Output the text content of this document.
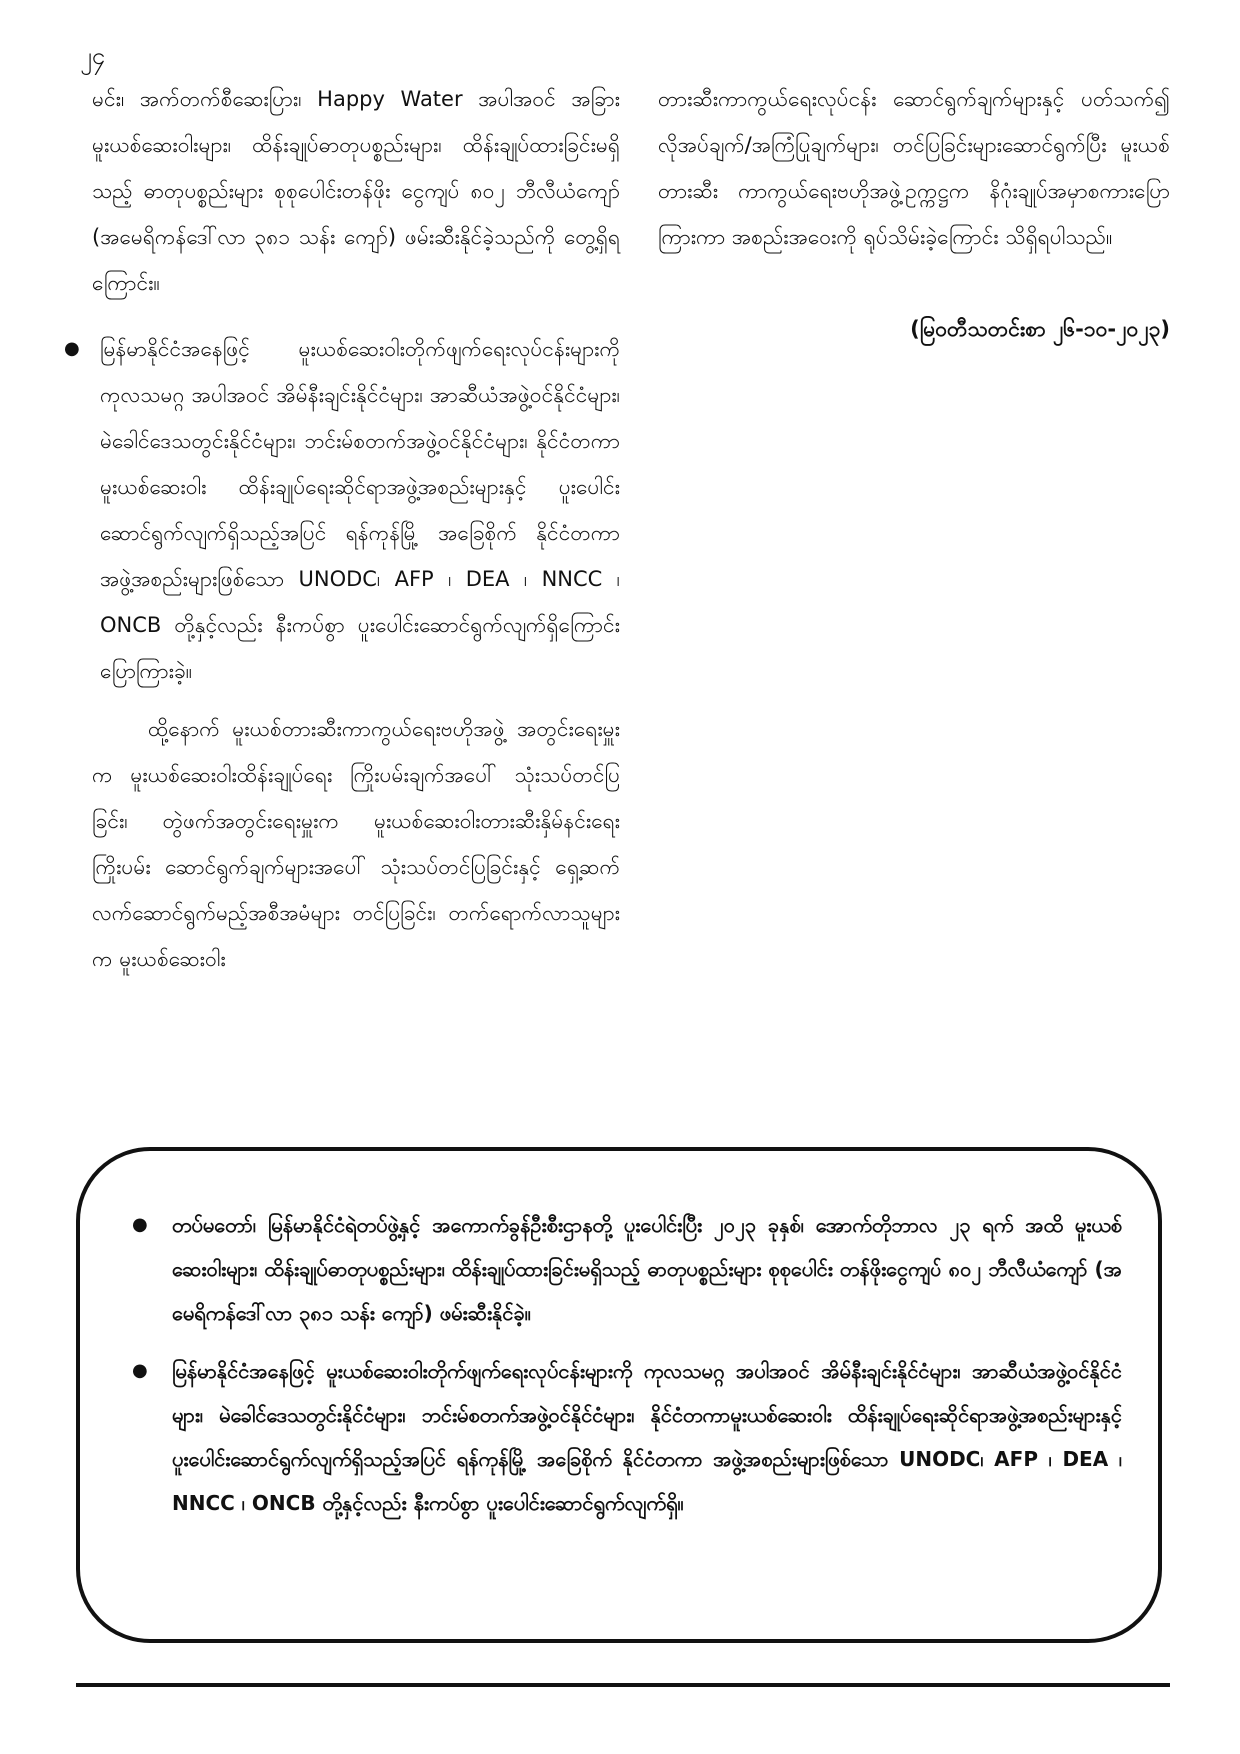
၂၄

မင်း၊ အက်တက်စီဆေးပြား၊ Happy Water အပါအဝင် အခြားမူးယစ်ဆေးဝါးများ၊ ထိန်းချုပ်ဓာတုပစ္စည်းများ၊ ထိန်းချုပ်ထားခြင်းမရှိသည့် ဓာတုပစ္စည်းများ စုစုပေါင်းတန်ဖိုး ငွေကျပ် ၈၀၂ ဘီလီယံကျော် (အမေရိကန်ဒေါ်လာ ၃၈၁ သန်း ကျော်) ဖမ်းဆီးနိုင်ခဲ့သည်ကို တွေ့ရှိရကြောင်း။

● မြန်မာနိုင်ငံအနေဖြင့် မူးယစ်ဆေးဝါးတိုက်ဖျက်ရေးလုပ်ငန်းများကို ကုလသမဂ္ဂ အပါအဝင် အိမ်နီးချင်းနိုင်ငံများ၊ အာဆီယံအဖွဲ့ဝင်နိုင်ငံများ၊ မဲခေါင်ဒေသတွင်းနိုင်ငံများ၊ ဘင်းမ်စတက်အဖွဲ့ဝင်နိုင်ငံများ၊ နိုင်ငံတကာမူးယစ်ဆေးဝါး ထိန်းချုပ်ရေးဆိုင်ရာအဖွဲ့အစည်းများနှင့် ပူးပေါင်းဆောင်ရွက်လျက်ရှိသည့်အပြင် ရန်ကုန်မြို့ အခြေစိုက် နိုင်ငံတကာ အဖွဲ့အစည်းများဖြစ်သော UNODC၊ AFP ၊ DEA ၊ NNCC ၊ ONCB တို့နှင့်လည်း နီးကပ်စွာ ပူးပေါင်းဆောင်ရွက်လျက်ရှိကြောင်း ပြောကြားခဲ့။

ထို့နောက် မူးယစ်တားဆီးကာကွယ်ရေးဗဟိုအဖွဲ့ အတွင်းရေးမှူးက မူးယစ်ဆေးဝါးထိန်းချုပ်ရေး ကြိုးပမ်းချက်အပေါ် သုံးသပ်တင်ပြခြင်း၊ တွဲဖက်အတွင်းရေးမှူးက မူးယစ်ဆေးဝါးတားဆီးနှိမ်နင်းရေးကြိုးပမ်း ဆောင်ရွက်ချက်များအပေါ် သုံးသပ်တင်ပြခြင်းနှင့် ရှေ့ဆက်လက်ဆောင်ရွက်မည့်အစီအမံများ တင်ပြခြင်း၊ တက်ရောက်လာသူများက မူးယစ်ဆေးဝါး

တားဆီးကာကွယ်ရေးလုပ်ငန်း ဆောင်ရွက်ချက်များနှင့် ပတ်သက်၍ လိုအပ်ချက်/အကြံပြုချက်များ၊ တင်ပြခြင်းများဆောင်ရွက်ပြီး မူးယစ်တားဆီး ကာကွယ်ရေးဗဟိုအဖွဲ့ဥက္ကဋ္ဌက နိဂုံးချုပ်အမှာစကားပြောကြားကာ အစည်းအဝေးကို ရုပ်သိမ်းခဲ့ကြောင်း သိရှိရပါသည်။

(မြဝတီသတင်းစာ ၂၆-၁၀-၂၀၂၃)

● တပ်မတော်၊ မြန်မာနိုင်ငံရဲတပ်ဖွဲ့နှင့် အကောက်ခွန်ဦးစီးဌာနတို့ ပူးပေါင်းပြီး ၂၀၂၃ ခုနှစ်၊ အောက်တိုဘာလ ၂၃ ရက် အထိ မူးယစ်ဆေးဝါးများ၊ ထိန်းချုပ်ဓာတုပစ္စည်းများ၊ ထိန်းချုပ်ထားခြင်းမရှိသည့် ဓာတုပစ္စည်းများ စုစုပေါင်း တန်ဖိုးငွေကျပ် ၈၀၂ ဘီလီယံကျော် (အမေရိကန်ဒေါ်လာ ၃၈၁ သန်း ကျော်) ဖမ်းဆီးနိုင်ခဲ့။
● မြန်မာနိုင်ငံအနေဖြင့် မူးယစ်ဆေးဝါးတိုက်ဖျက်ရေးလုပ်ငန်းများကို ကုလသမဂ္ဂ အပါအဝင် အိမ်နီးချင်းနိုင်ငံများ၊ အာဆီယံအဖွဲ့ဝင်နိုင်ငံများ၊ မဲခေါင်ဒေသတွင်းနိုင်ငံများ၊ ဘင်းမ်စတက်အဖွဲ့ဝင်နိုင်ငံများ၊ နိုင်ငံတကာမူးယစ်ဆေးဝါး ထိန်းချုပ်ရေးဆိုင်ရာအဖွဲ့အစည်းများနှင့် ပူးပေါင်းဆောင်ရွက်လျက်ရှိသည့်အပြင် ရန်ကုန်မြို့ အခြေစိုက် နိုင်ငံတကာ အဖွဲ့အစည်းများဖြစ်သော UNODC၊ AFP ၊ DEA ၊ NNCC ၊ ONCB တို့နှင့်လည်း နီးကပ်စွာ ပူးပေါင်းဆောင်ရွက်လျက်ရှိ။
